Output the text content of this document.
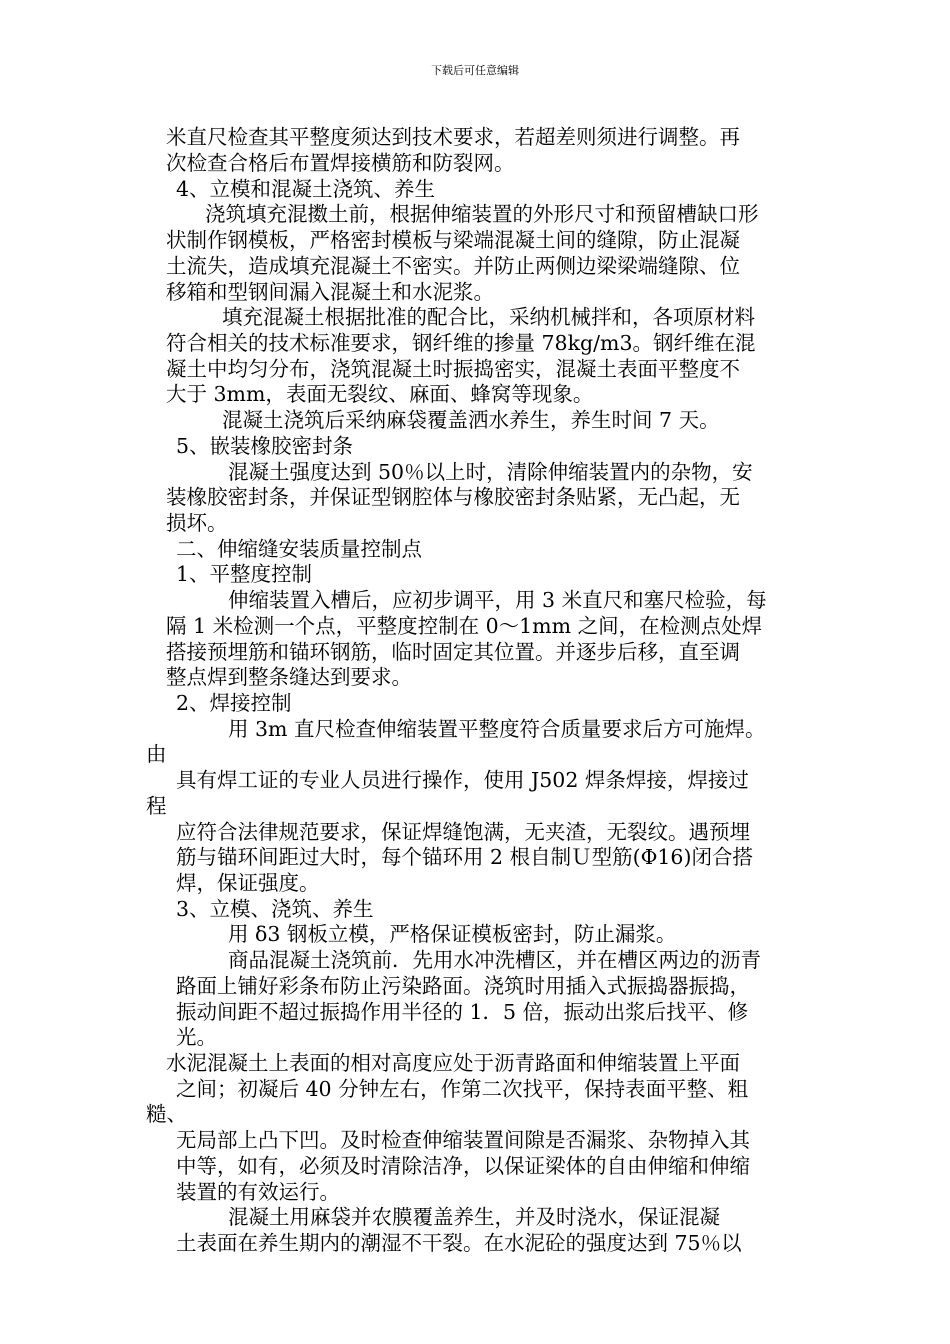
下载后可任意编辑
米直尺检查其平整度须达到技术要求，若超差则须进行调整。再
次检查合格后布置焊接横筋和防裂网。
4、立模和混凝土浇筑、养生
浇筑填充混擞土前，根据伸缩装置的外形尺寸和预留槽缺口形
状制作钢模板，严格密封模板与梁端混凝土间的缝隙，防止混凝
土流失，造成填充混凝土不密实。并防止两侧边梁梁端缝隙、位
移箱和型钢间漏入混凝土和水泥浆。
填充混凝土根据批准的配合比，采纳机械拌和，各项原材料
符合相关的技术标准要求，钢纤维的掺量 78kg/m3。钢纤维在混
凝土中均匀分布，浇筑混凝土时振捣密实，混凝土表面平整度不
大于 3mm，表面无裂纹、麻面、蜂窝等现象。
混凝土浇筑后采纳麻袋覆盖洒水养生，养生时间 7 天。
5、嵌装橡胶密封条
混凝土强度达到 50％以上时，清除伸缩装置内的杂物，安
装橡胶密封条，并保证型钢腔体与橡胶密封条贴紧，无凸起，无
损坏。
二、伸缩缝安装质量控制点
1、平整度控制
伸缩装置入槽后，应初步调平，用 3 米直尺和塞尺检验，每
隔 1 米检测一个点，平整度控制在 0～1mm 之间，在检测点处焊
搭接预埋筋和锚环钢筋，临时固定其位置。并逐步后移，直至调
整点焊到整条缝达到要求。
2、焊接控制
用 3m 直尺检查伸缩装置平整度符合质量要求后方可施焊。
由
具有焊工证的专业人员进行操作，使用 J502 焊条焊接，焊接过
程
应符合法律规范要求，保证焊缝饱满，无夹渣，无裂纹。遇预埋
筋与锚环间距过大时，每个锚环用 2 根自制Ｕ型筋(Φ16)闭合搭
焊，保证强度。
3、立模、浇筑、养生
用 δ3 钢板立模，严格保证模板密封，防止漏浆。
商品混凝土浇筑前．先用水冲洗槽区，并在槽区两边的沥青
路面上铺好彩条布防止污染路面。浇筑时用插入式振捣器振捣，
振动间距不超过振捣作用半径的 1．5 倍，振动出浆后找平、修
光。
水泥混凝土上表面的相对高度应处于沥青路面和伸缩装置上平面
之间；初凝后 40 分钟左右，作第二次找平，保持表面平整、粗
糙、
无局部上凸下凹。及时检查伸缩装置间隙是否漏浆、杂物掉入其
中等，如有，必须及时清除洁净，以保证梁体的自由伸缩和伸缩
装置的有效运行。
混凝土用麻袋并农膜覆盖养生，并及时浇水，保证混凝
土表面在养生期内的潮湿不干裂。在水泥砼的强度达到 75％以
